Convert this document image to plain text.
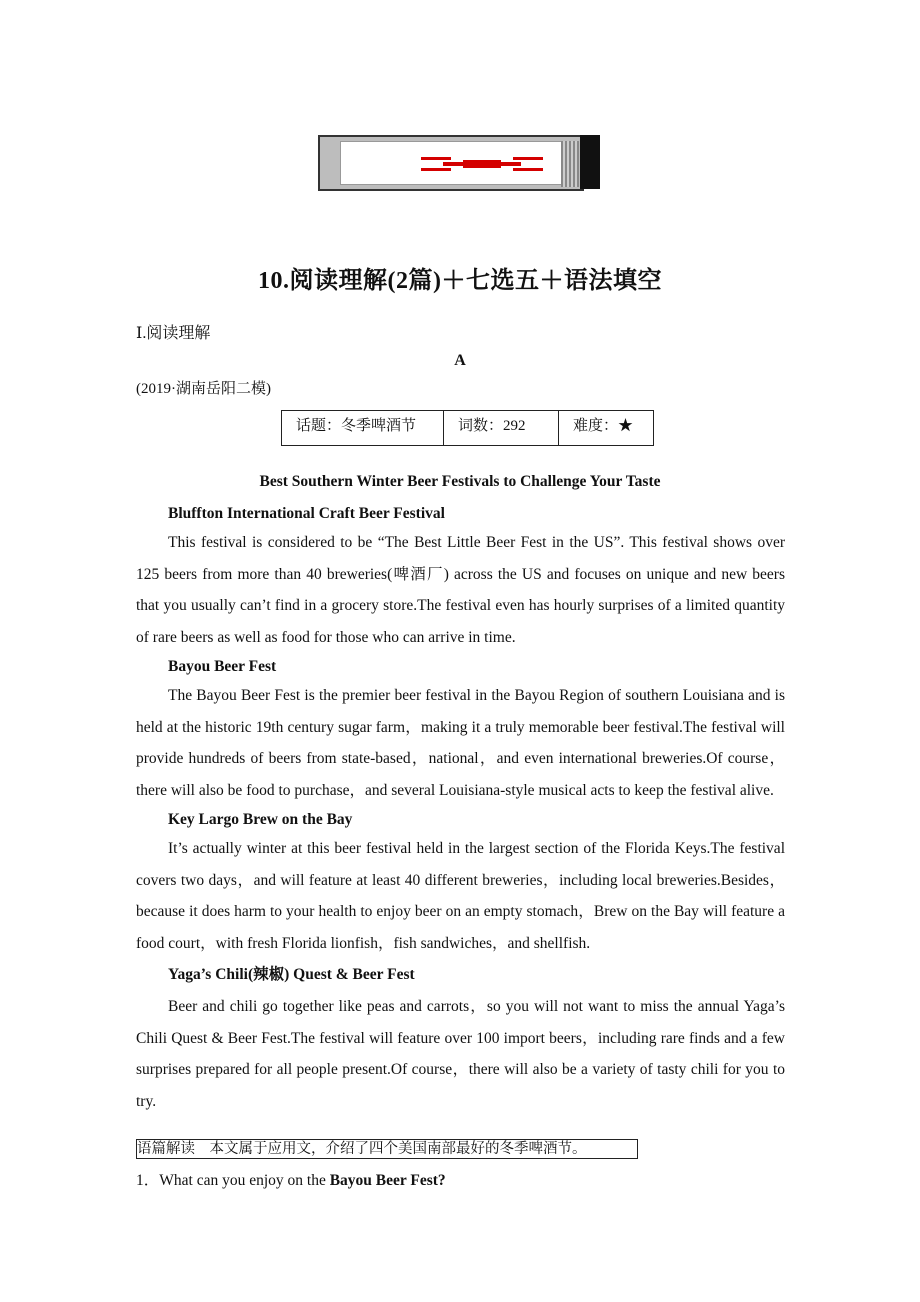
10.阅读理解(2篇)＋七选五＋语法填空
Ⅰ.阅读理解
A
(2019·湖南岳阳二模)
话题：冬季啤酒节	词数：292	难度：★
Best Southern Winter Beer Festivals to Challenge Your Taste
Bluffton International Craft Beer Festival

This festival is considered to be “The Best Little Beer Fest in the US”. This festival shows over 125 beers from more than 40 breweries(啤酒厂) across the US and focuses on unique and new beers that you usually can’t find in a grocery store.The festival even has hourly surprises of a limited quantity of rare beers as well as food for those who can arrive in time.

Bayou Beer Fest

The Bayou Beer Fest is the premier beer festival in the Bayou Region of southern Louisiana and is held at the historic 19th century sugar farm，making it a truly memorable beer festival.The festival will provide hundreds of beers from state-based，national，and even international breweries.Of course，there will also be food to purchase，and several Louisiana-style musical acts to keep the festival alive.

Key Largo Brew on the Bay

It’s actually winter at this beer festival held in the largest section of the Florida Keys.The festival covers two days，and will feature at least 40 different breweries，including local breweries.Besides，because it does harm to your health to enjoy beer on an empty stomach，Brew on the Bay will feature a food court，with fresh Florida lionfish，fish sandwiches，and shellfish.

Yaga’s Chili(辣椒) Quest & Beer Fest

Beer and chili go together like peas and carrots，so you will not want to miss the annual Yaga’s Chili Quest & Beer Fest.The festival will feature over 100 import beers，including rare finds and a few surprises prepared for all people present.Of course，there will also be a variety of tasty chili for you to try.

语篇解读　本文属于应用文，介绍了四个美国南部最好的冬季啤酒节。
1．What can you enjoy on the Bayou Beer Fest?
